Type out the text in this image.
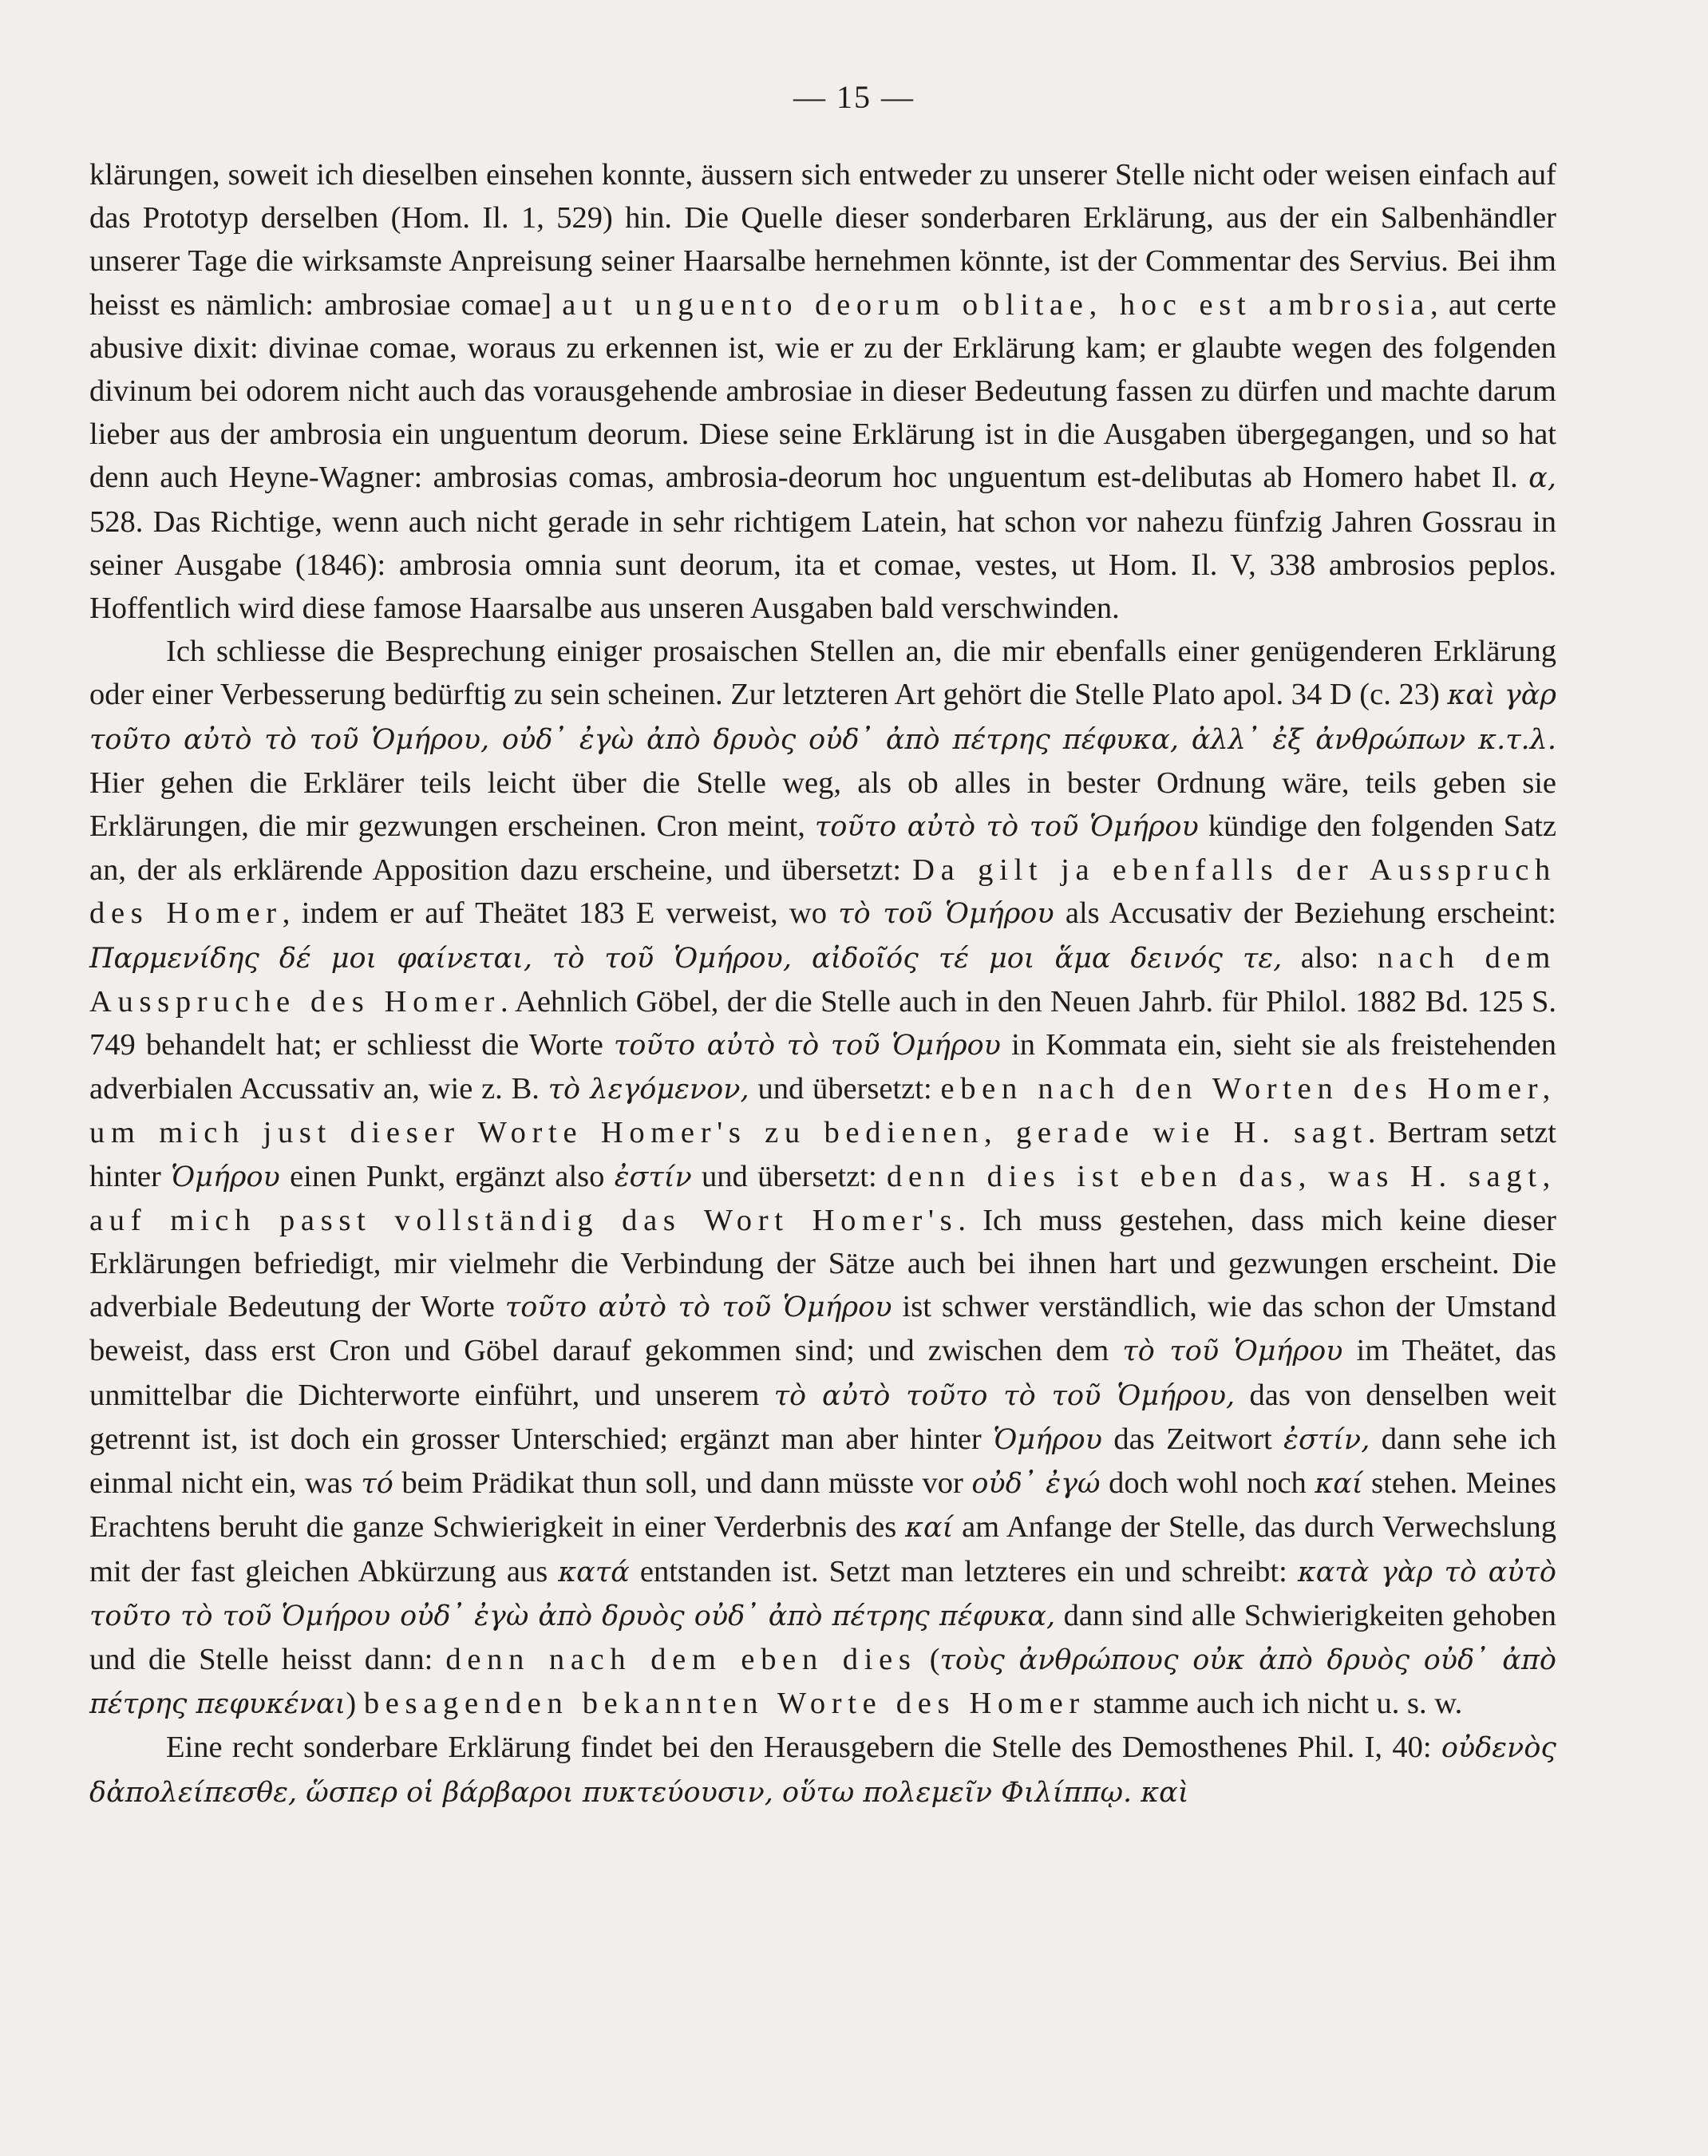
— 15 —

klärungen, soweit ich dieselben einsehen konnte, äussern sich entweder zu unserer Stelle nicht oder weisen einfach auf das Prototyp derselben (Hom. Il. 1, 529) hin. Die Quelle dieser sonderbaren Erklärung, aus der ein Salbenhändler unserer Tage die wirksamste Anpreisung seiner Haarsalbe hernehmen könnte, ist der Commentar des Servius. Bei ihm heisst es nämlich: ambrosiae comae] aut unguento deorum oblitae, hoc est ambrosia, aut certe abusive dixit: divinae comae, woraus zu erkennen ist, wie er zu der Erklärung kam; er glaubte wegen des folgenden divinum bei odorem nicht auch das vorausgehende ambrosiae in dieser Bedeutung fassen zu dürfen und machte darum lieber aus der ambrosia ein unguentum deorum. Diese seine Erklärung ist in die Ausgaben übergegangen, und so hat denn auch Heyne-Wagner: ambrosias comas, ambrosia-deorum hoc unguentum est-delibutas ab Homero habet Il. α, 528. Das Richtige, wenn auch nicht gerade in sehr richtigem Latein, hat schon vor nahezu fünfzig Jahren Gossrau in seiner Ausgabe (1846): ambrosia omnia sunt deorum, ita et comae, vestes, ut Hom. Il. V, 338 ambrosios peplos. Hoffentlich wird diese famose Haarsalbe aus unseren Ausgaben bald verschwinden.

Ich schliesse die Besprechung einiger prosaischen Stellen an, die mir ebenfalls einer genügenderen Erklärung oder einer Verbesserung bedürftig zu sein scheinen. Zur letzteren Art gehört die Stelle Plato apol. 34 D (c. 23) καὶ γὰρ τοῦτο αὐτὸ τὸ τοῦ Ὁμήρου, οὐδ᾽ ἐγὼ ἀπὸ δρυὸς οὐδ᾽ ἀπὸ πέτρης πέφυκα, ἀλλ᾽ ἐξ ἀνθρώπων κ.τ.λ. Hier gehen die Erklärer teils leicht über die Stelle weg, als ob alles in bester Ordnung wäre, teils geben sie Erklärungen, die mir gezwungen erscheinen. Cron meint, τοῦτο αὐτὸ τὸ τοῦ Ὁμήρου kündige den folgenden Satz an, der als erklärende Apposition dazu erscheine, und übersetzt: Da gilt ja ebenfalls der Ausspruch des Homer, indem er auf Theätet 183 E verweist, wo τὸ τοῦ Ὁμήρου als Accusativ der Beziehung erscheint: Παρμενίδης δέ μοι φαίνεται, τὸ τοῦ Ὁμήρου, αἰδοῖός τέ μοι ἅμα δεινός τε, also: nach dem Ausspruche des Homer. Aehnlich Göbel, der die Stelle auch in den Neuen Jahrb. für Philol. 1882 Bd. 125 S. 749 behandelt hat; er schliesst die Worte τοῦτο αὐτὸ τὸ τοῦ Ὁμήρου in Kommata ein, sieht sie als freistehenden adverbialen Accussativ an, wie z. B. τὸ λεγόμενον, und übersetzt: eben nach den Worten des Homer, um mich just dieser Worte Homer's zu bedienen, gerade wie H. sagt. Bertram setzt hinter Ὁμήρου einen Punkt, ergänzt also ἐστίν und übersetzt: denn dies ist eben das, was H. sagt, auf mich passt vollständig das Wort Homer's. Ich muss gestehen, dass mich keine dieser Erklärungen befriedigt, mir vielmehr die Verbindung der Sätze auch bei ihnen hart und gezwungen erscheint. Die adverbiale Bedeutung der Worte τοῦτο αὐτὸ τὸ τοῦ Ὁμήρου ist schwer verständlich, wie das schon der Umstand beweist, dass erst Cron und Göbel darauf gekommen sind; und zwischen dem τὸ τοῦ Ὁμήρου im Theätet, das unmittelbar die Dichterworte einführt, und unserem τὸ αὐτὸ τοῦτο τὸ τοῦ Ὁμήρου, das von denselben weit getrennt ist, ist doch ein grosser Unterschied; ergänzt man aber hinter Ὁμήρου das Zeitwort ἐστίν, dann sehe ich einmal nicht ein, was τό beim Prädikat thun soll, und dann müsste vor οὐδ᾽ ἐγώ doch wohl noch καί stehen. Meines Erachtens beruht die ganze Schwierigkeit in einer Verderbnis des καί am Anfange der Stelle, das durch Verwechslung mit der fast gleichen Abkürzung aus κατά entstanden ist. Setzt man letzteres ein und schreibt: κατὰ γὰρ τὸ αὐτὸ τοῦτο τὸ τοῦ Ὁμήρου οὐδ᾽ ἐγὼ ἀπὸ δρυὸς οὐδ᾽ ἀπὸ πέτρης πέφυκα, dann sind alle Schwierigkeiten gehoben und die Stelle heisst dann: denn nach dem eben dies (τοὺς ἀνθρώπους οὐκ ἀπὸ δρυὸς οὐδ᾽ ἀπὸ πέτρης πεφυκέναι) besagenden bekannten Worte des Homer stamme auch ich nicht u. s. w.

Eine recht sonderbare Erklärung findet bei den Herausgebern die Stelle des Demosthenes Phil. I, 40: οὐδενὸς δἀπολείπεσθε, ὥσπερ οἱ βάρβαροι πυκτεύουσιν, οὕτω πολεμεῖν Φιλίππῳ. καὶ
